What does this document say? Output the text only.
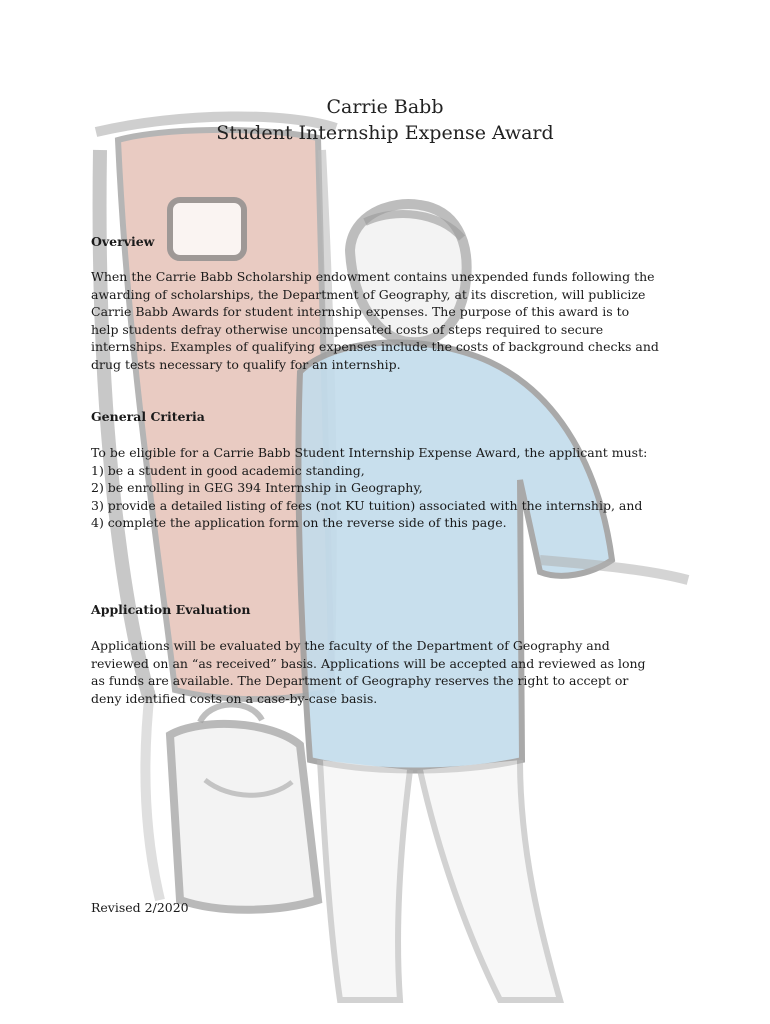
Carrie Babb
Student Internship Expense Award
Overview
When the Carrie Babb Scholarship endowment contains unexpended funds following the
awarding of scholarships, the Department of Geography, at its discretion, will publicize
Carrie Babb Awards for student internship expenses. The purpose of this award is to
help students defray otherwise uncompensated costs of steps required to secure
internships. Examples of qualifying expenses include the costs of background checks and
drug tests necessary to qualify for an internship.
General Criteria
To be eligible for a Carrie Babb Student Internship Expense Award, the applicant must:
1) be a student in good academic standing,
2) be enrolling in GEG 394 Internship in Geography,
3) provide a detailed listing of fees (not KU tuition) associated with the internship, and
4) complete the application form on the reverse side of this page.
Application Evaluation
Applications will be evaluated by the faculty of the Department of Geography and
reviewed on an “as received” basis. Applications will be accepted and reviewed as long
as funds are available. The Department of Geography reserves the right to accept or
deny identified costs on a case-by-case basis.
Revised 2/2020
